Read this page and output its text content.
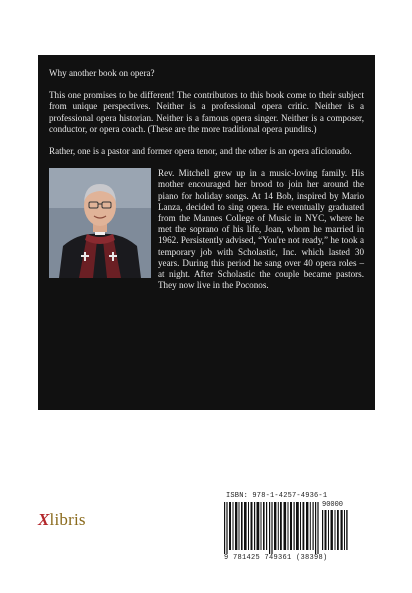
Why another book on opera?

This one promises to be different! The contributors to this book come to their subject from unique perspectives. Neither is a professional opera critic. Neither is a professional opera historian. Neither is a famous opera singer. Neither is a composer, conductor, or opera coach. (These are the more traditional opera pundits.)

Rather, one is a pastor and former opera tenor, and the other is an opera aficionado.

Rev. Mitchell grew up in a music-loving family. His mother encouraged her brood to join her around the piano for holiday songs. At 14 Bob, inspired by Mario Lanza, decided to sing opera. He eventually graduated from the Mannes College of Music in NYC, where he met the soprano of his life, Joan, whom he married in 1962. Persistently advised, “You're not ready,” he took a temporary job with Scholastic, Inc. which lasted 30 years. During this period he sang over 40 opera roles – at night. After Scholastic the couple became pastors. They now live in the Poconos.

Xlibris
ISBN: 978-1-4257-4936-1
90000
9 781425 749361 (38398)
